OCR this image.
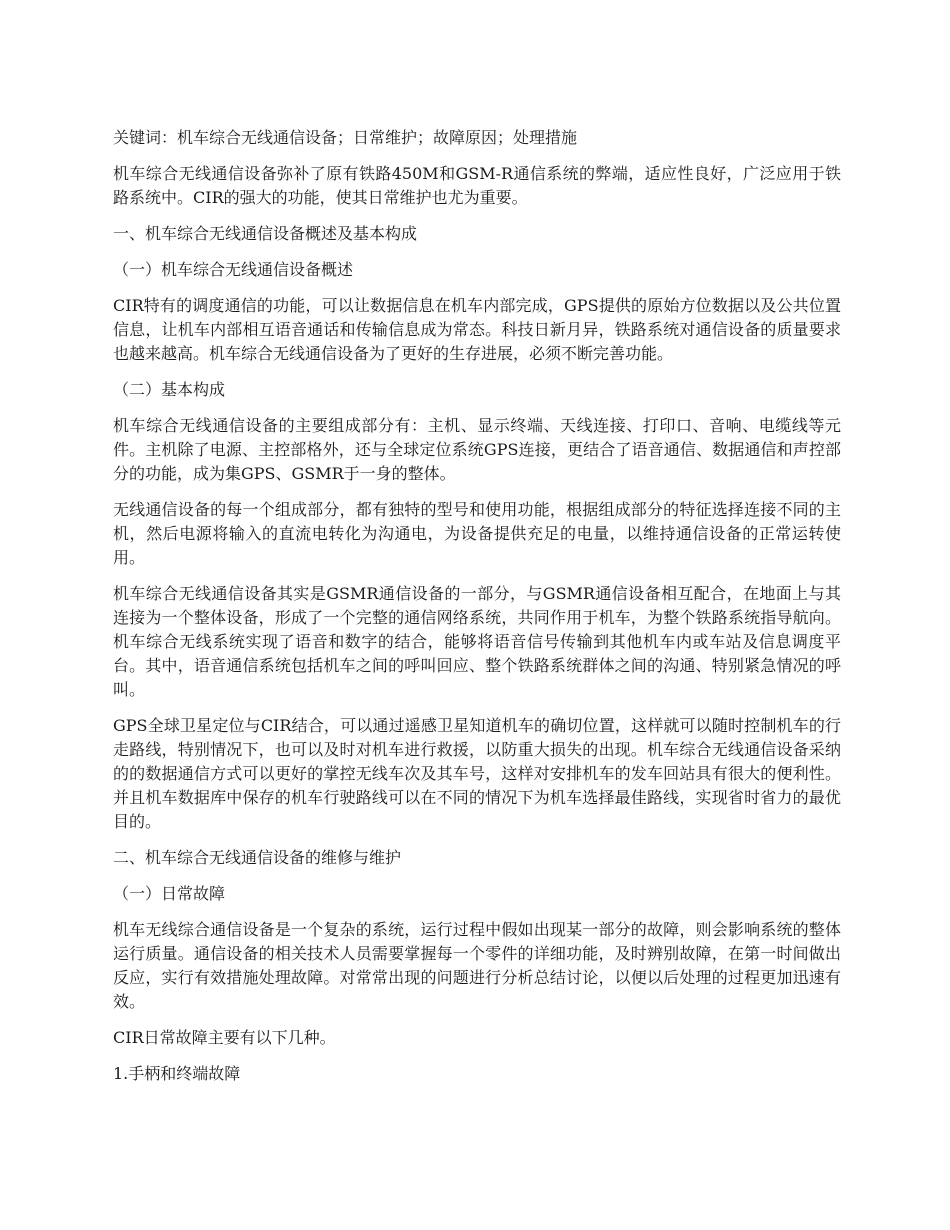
关键词：机车综合无线通信设备；日常维护；故障原因；处理措施

机车综合无线通信设备弥补了原有铁路450M和GSM-R通信系统的弊端，适应性良好，广泛应用于铁路系统中。CIR的强大的功能，使其日常维护也尤为重要。

一、机车综合无线通信设备概述及基本构成

（一）机车综合无线通信设备概述

CIR特有的调度通信的功能，可以让数据信息在机车内部完成，GPS提供的原始方位数据以及公共位置信息，让机车内部相互语音通话和传输信息成为常态。科技日新月异，铁路系统对通信设备的质量要求也越来越高。机车综合无线通信设备为了更好的生存进展，必须不断完善功能。

（二）基本构成

机车综合无线通信设备的主要组成部分有：主机、显示终端、天线连接、打印口、音响、电缆线等元件。主机除了电源、主控部格外，还与全球定位系统GPS连接，更结合了语音通信、数据通信和声控部分的功能，成为集GPS、GSMR于一身的整体。

无线通信设备的每一个组成部分，都有独特的型号和使用功能，根据组成部分的特征选择连接不同的主机，然后电源将输入的直流电转化为沟通电，为设备提供充足的电量，以维持通信设备的正常运转使用。

机车综合无线通信设备其实是GSMR通信设备的一部分，与GSMR通信设备相互配合，在地面上与其连接为一个整体设备，形成了一个完整的通信网络系统，共同作用于机车，为整个铁路系统指导航向。机车综合无线系统实现了语音和数字的结合，能够将语音信号传输到其他机车内或车站及信息调度平台。其中，语音通信系统包括机车之间的呼叫回应、整个铁路系统群体之间的沟通、特别紧急情况的呼叫。

GPS全球卫星定位与CIR结合，可以通过遥感卫星知道机车的确切位置，这样就可以随时控制机车的行走路线，特别情况下，也可以及时对机车进行救援，以防重大损失的出现。机车综合无线通信设备采纳的的数据通信方式可以更好的掌控无线车次及其车号，这样对安排机车的发车回站具有很大的便利性。并且机车数据库中保存的机车行驶路线可以在不同的情况下为机车选择最佳路线，实现省时省力的最优目的。

二、机车综合无线通信设备的维修与维护

（一）日常故障

机车无线综合通信设备是一个复杂的系统，运行过程中假如出现某一部分的故障，则会影响系统的整体运行质量。通信设备的相关技术人员需要掌握每一个零件的详细功能，及时辨别故障，在第一时间做出反应，实行有效措施处理故障。对常常出现的问题进行分析总结讨论，以便以后处理的过程更加迅速有效。

CIR日常故障主要有以下几种。

1.手柄和终端故障
